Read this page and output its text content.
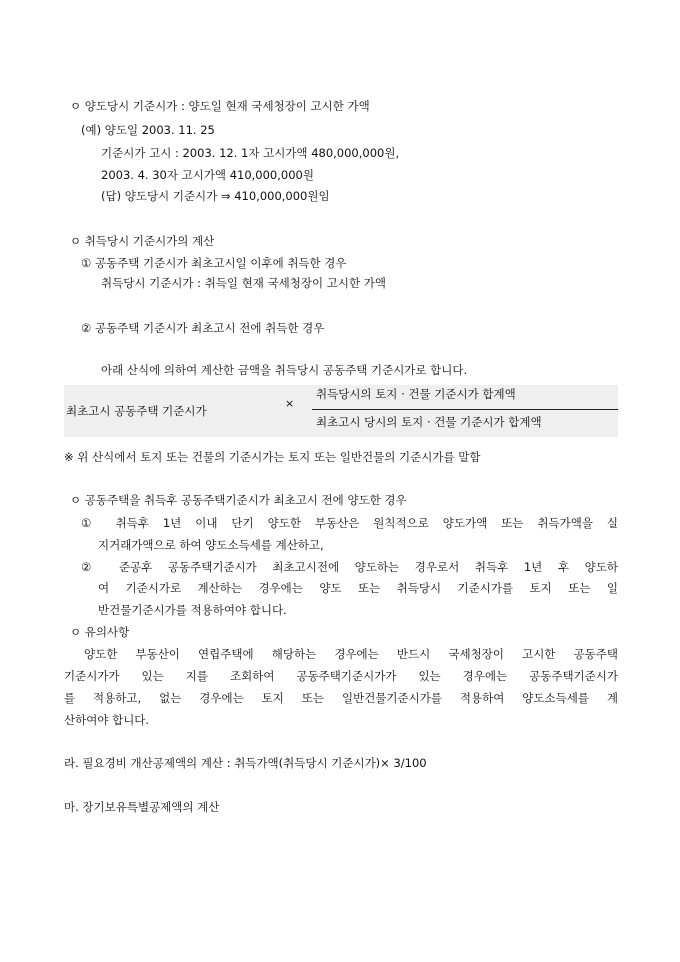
ㅇ 양도당시 기준시가 : 양도일 현재 국세청장이 고시한 가액
(예) 양도일 2003. 11. 25
기준시가 고시 : 2003. 12. 1자 고시가액 480,000,000원,
2003. 4. 30자 고시가액 410,000,000원
(답) 양도당시 기준시가 ⇒ 410,000,000원임
ㅇ 취득당시 기준시가의 계산
① 공동주택 기준시가 최초고시일 이후에 취득한 경우
취득당시 기준시가 : 취득일 현재 국세청장이 고시한 가액
② 공동주택 기준시가 최초고시 전에 취득한 경우
아래 산식에 의하여 계산한 금액을 취득당시 공동주택 기준시가로 합니다.
최초고시 공동주택 기준시가
×
취득당시의 토지 · 건물 기준시가 합계액
최초고시 당시의 토지 · 건물 기준시가 합계액
※ 위 산식에서 토지 또는 건물의 기준시가는 토지 또는 일반건물의 기준시가를 말함
ㅇ 공동주택을 취득후 공동주택기준시가 최초고시 전에 양도한 경우
① 취득후 1년 이내 단기 양도한 부동산은 원칙적으로 양도가액 또는 취득가액을 실
지거래가액으로 하여 양도소득세를 계산하고,
② 준공후 공동주택기준시가 최초고시전에 양도하는 경우로서 취득후 1년 후 양도하
여 기준시가로 계산하는 경우에는 양도 또는 취득당시 기준시가를 토지 또는 일
반건물기준시가를 적용하여야 합니다.
ㅇ 유의사항
양도한 부동산이 연립주택에 해당하는 경우에는 반드시 국세청장이 고시한 공동주택
기준시가가 있는 지를 조회하여 공동주택기준시가가 있는 경우에는 공동주택기준시가
를 적용하고, 없는 경우에는 토지 또는 일반건물기준시가를 적용하여 양도소득세를 계
산하여야 합니다.
라. 필요경비 개산공제액의 계산 : 취득가액(취득당시 기준시가)× 3/100
마. 장기보유특별공제액의 계산
